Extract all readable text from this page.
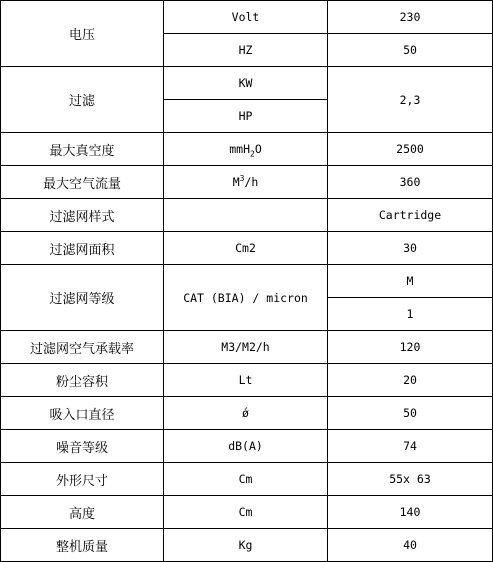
电压	Volt	230
	HZ	50
过滤	KW	2,3
	HP	
最大真空度	mmH$_2$O	2500
最大空气流量	$M^3/h$	360
过滤网样式		Cartridge
过滤网面积	Cm2	30
过滤网等级	CAT (BIA) / micron	M
		1
过滤网空气承载率	M3/M2/h	120
粉尘容积	Lt	20
吸入口直径	ǿ	50
噪音等级	dB(A)	74
外形尺寸	Cm	55x 63
高度	Cm	140
整机质量	Kg	40
